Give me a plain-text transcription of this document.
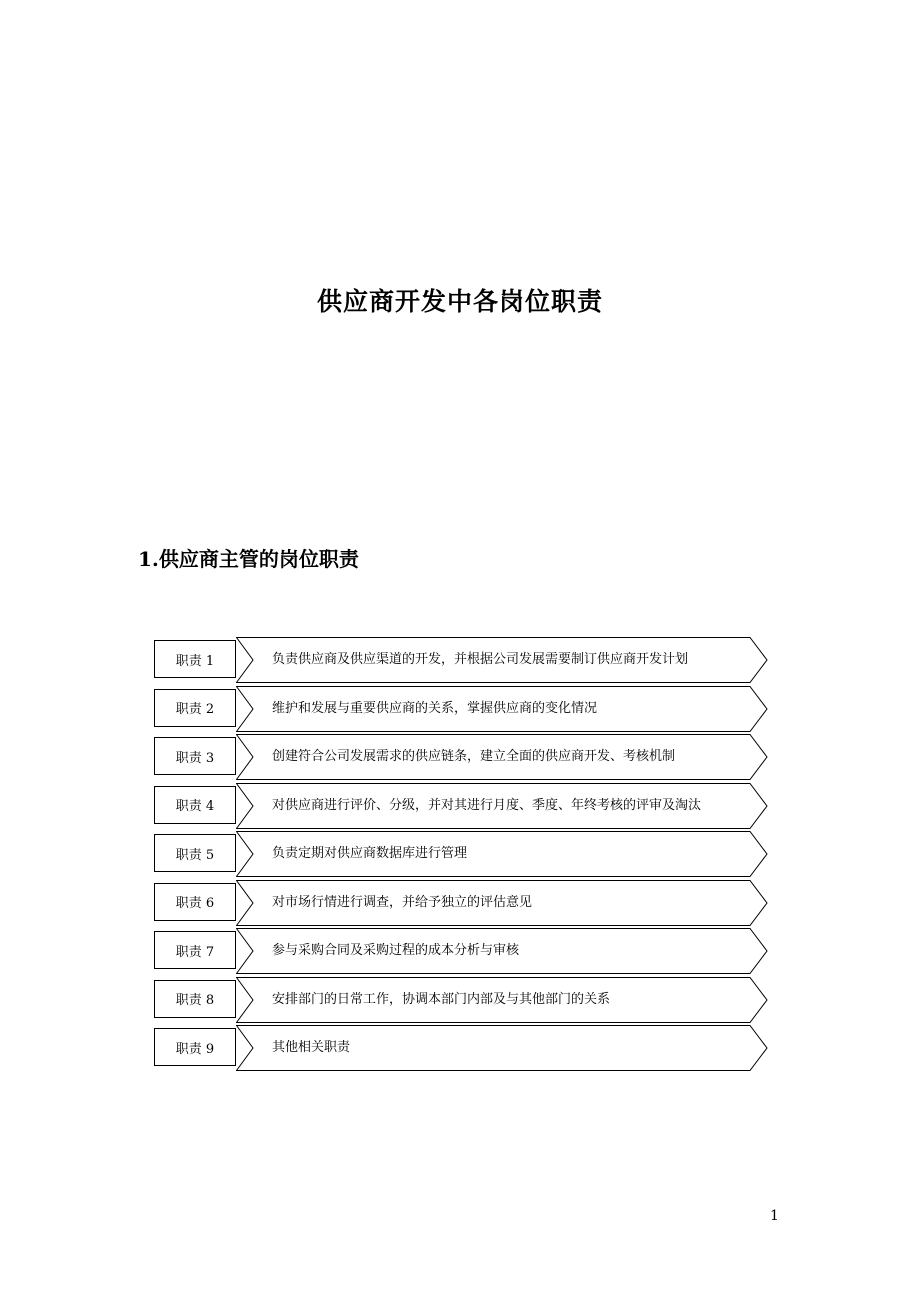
供应商开发中各岗位职责
1.供应商主管的岗位职责
职责 1	负责供应商及供应渠道的开发，并根据公司发展需要制订供应商开发计划
职责 2	维护和发展与重要供应商的关系，掌握供应商的变化情况
职责 3	创建符合公司发展需求的供应链条，建立全面的供应商开发、考核机制
职责 4	对供应商进行评价、分级，并对其进行月度、季度、年终考核的评审及淘汰
职责 5	负责定期对供应商数据库进行管理
职责 6	对市场行情进行调查，并给予独立的评估意见
职责 7	参与采购合同及采购过程的成本分析与审核
职责 8	安排部门的日常工作，协调本部门内部及与其他部门的关系
职责 9	其他相关职责
1
